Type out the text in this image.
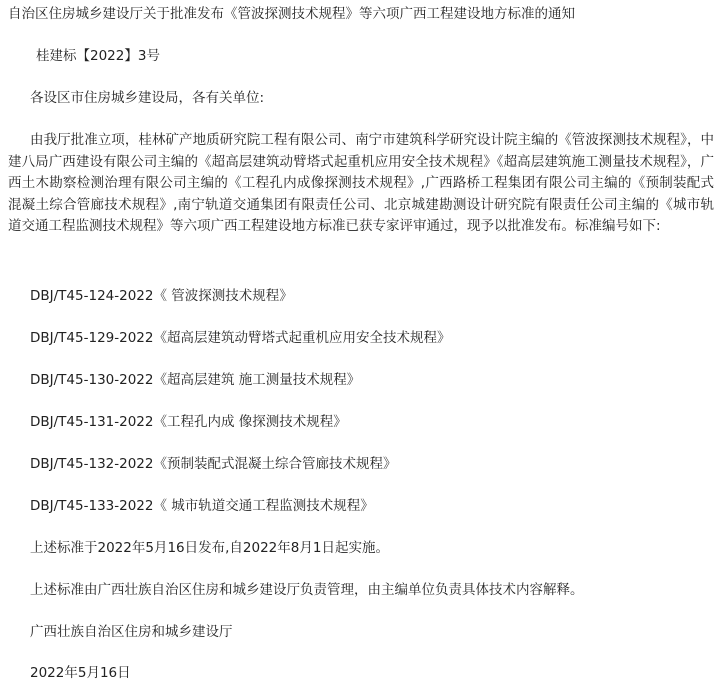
自治区住房城乡建设厅关于批准发布《管波探测技术规程》等六项广西工程建设地方标准的通知
桂建标【2022】3号
各设区市住房城乡建设局，各有关单位:
由我厅批准立项，桂林矿产地质研究院工程有限公司、南宁市建筑科学研究设计院主编的《管波探测技术规程》，中建八局广西建设有限公司主编的《超高层建筑动臂塔式起重机应用安全技术规程》《超高层建筑施工测量技术规程》，广西土木勘察检测治理有限公司主编的《工程孔内成像探测技术规程》,广西路桥工程集团有限公司主编的《预制装配式混凝土综合管廊技术规程》,南宁轨道交通集团有限责任公司、北京城建勘测设计研究院有限责任公司主编的《城市轨道交通工程监测技术规程》等六项广西工程建设地方标准已获专家评审通过，现予以批准发布。标准编号如下:
DBJ/T45-124-2022《 管波探测技术规程》
DBJ/T45-129-2022《超高层建筑动臂塔式起重机应用安全技术规程》
DBJ/T45-130-2022《超高层建筑 施工测量技术规程》
DBJ/T45-131-2022《工程孔内成 像探测技术规程》
DBJ/T45-132-2022《预制装配式混凝土综合管廊技术规程》
DBJ/T45-133-2022《 城市轨道交通工程监测技术规程》
上述标准于2022年5月16日发布,自2022年8月1日起实施。
上述标准由广西壮族自治区住房和城乡建设厅负责管理，由主编单位负责具体技术内容解释。
广西壮族自治区住房和城乡建设厅
2022年5月16日
